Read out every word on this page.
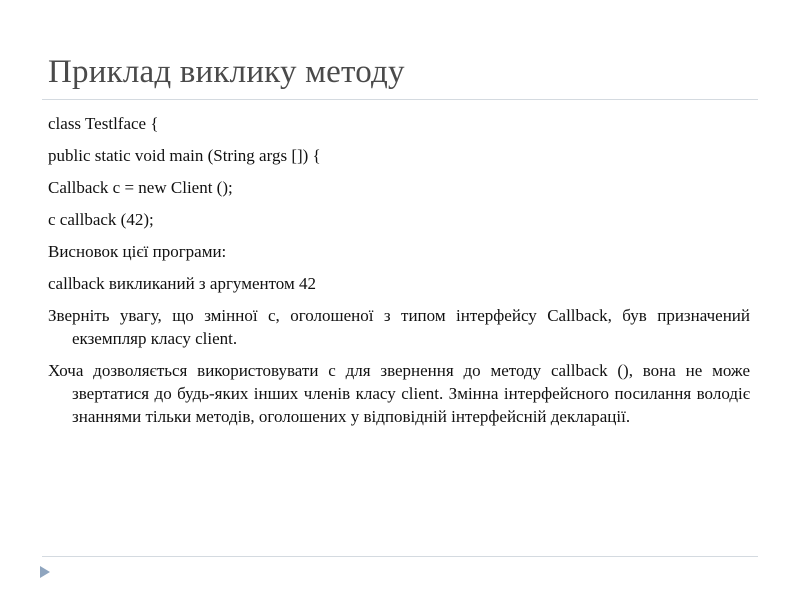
Приклад виклику методу

class Testlface {

public static void main (String args []) {

Callback c = new Client ();

c callback (42);

Висновок цієї програми:

callback викликаний з аргументом 42

Зверніть увагу, що змінної c, оголошеної з типом інтерфейсу Callback, був призначений екземпляр класу client.

Хоча дозволяється використовувати с для звернення до методу callback (), вона не може звертатися до будь-яких інших членів класу client. Змінна інтерфейсного посилання володіє знаннями тільки методів, оголошених у відповідній інтерфейсній декларації.
